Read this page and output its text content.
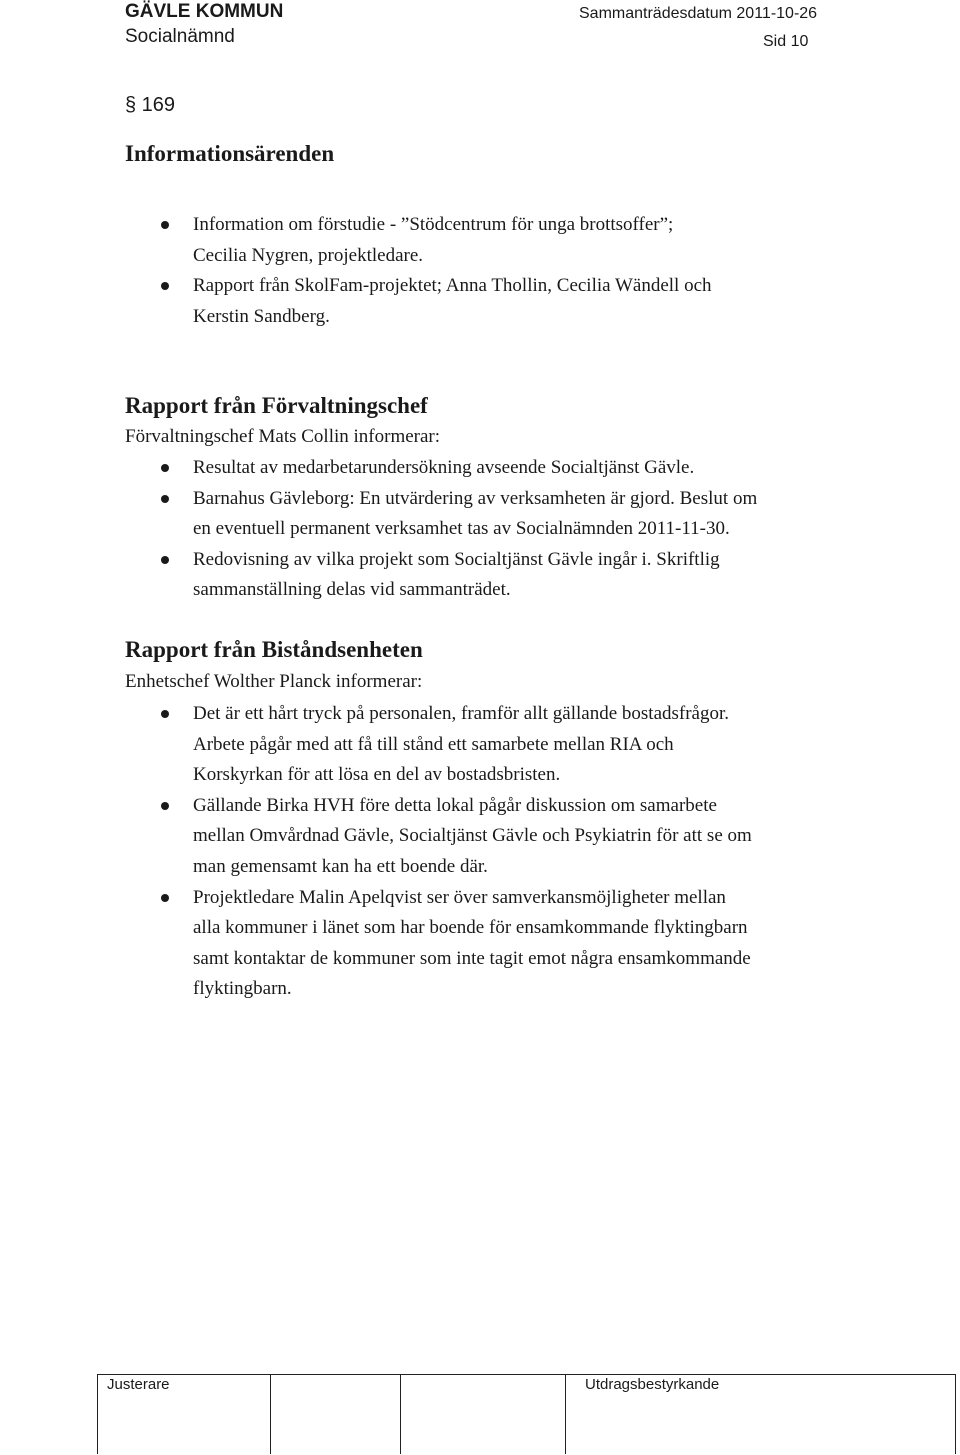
GÄVLE KOMMUN
Socialnämnd
Sammanträdesdatum 2011-10-26
Sid 10
§ 169
Informationsärenden
Information om förstudie - ”Stödcentrum för unga brottsoffer”;
Cecilia Nygren, projektledare.
Rapport från SkolFam-projektet; Anna Thollin, Cecilia Wändell och
Kerstin Sandberg.
Rapport från Förvaltningschef
Förvaltningschef Mats Collin informerar:
Resultat av medarbetarundersökning avseende Socialtjänst Gävle.
Barnahus Gävleborg: En utvärdering av verksamheten är gjord. Beslut om
en eventuell permanent verksamhet tas av Socialnämnden 2011-11-30.
Redovisning av vilka projekt som Socialtjänst Gävle ingår i. Skriftlig
sammanställning delas vid sammanträdet.
Rapport från Biståndsenheten
Enhetschef Wolther Planck informerar:
Det är ett hårt tryck på personalen, framför allt gällande bostadsfrågor.
Arbete pågår med att få till stånd ett samarbete mellan RIA och
Korskyrkan för att lösa en del av bostadsbristen.
Gällande Birka HVH före detta lokal pågår diskussion om samarbete
mellan Omvårdnad Gävle, Socialtjänst Gävle och Psykiatrin för att se om
man gemensamt kan ha ett boende där.
Projektledare Malin Apelqvist ser över samverkansmöjligheter mellan
alla kommuner i länet som har boende för ensamkommande flyktingbarn
samt kontaktar de kommuner som inte tagit emot några ensamkommande
flyktingbarn.
Justerare	Utdragsbestyrkande
